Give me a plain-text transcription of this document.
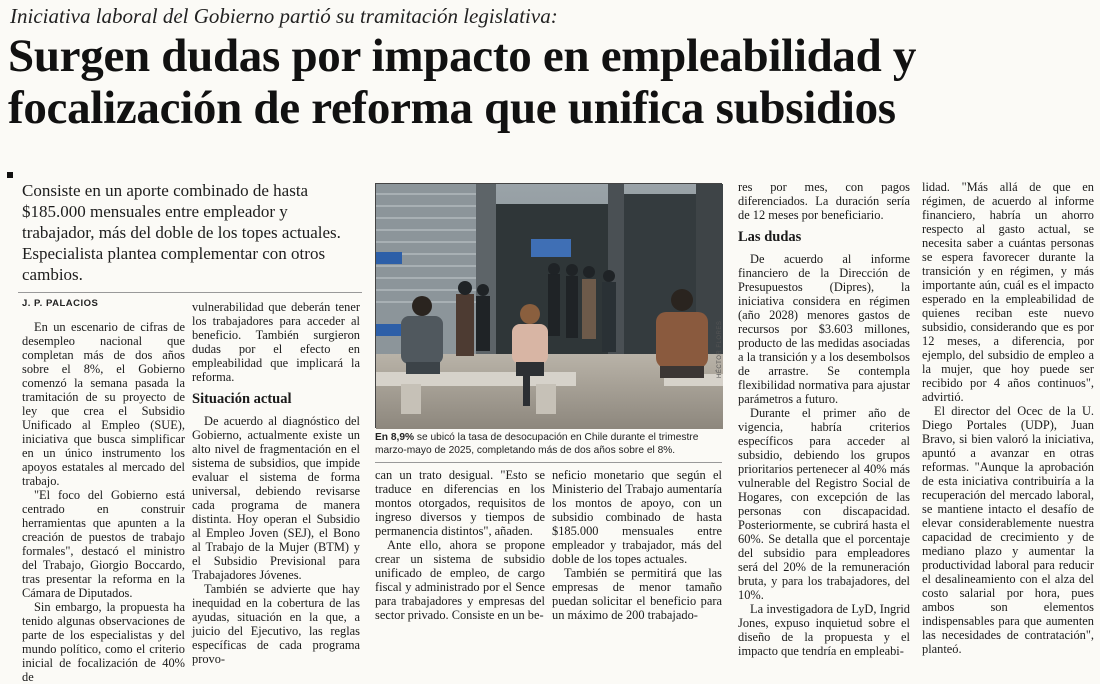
Iniciativa laboral del Gobierno partió su tramitación legislativa:
Surgen dudas por impacto en empleabilidad y
focalización de reforma que unifica subsidios
Consiste en un aporte combinado de hasta $185.000 mensuales entre empleador y trabajador, más del doble de los topes actuales. Especialista plantea complementar con otros cambios.
J. P. PALACIOS

En un escenario de cifras de desempleo nacional que completan más de dos años sobre el 8%, el Gobierno comenzó la semana pasada la tramitación de su proyecto de ley que crea el Subsidio Unificado al Empleo (SUE), iniciativa que busca simplificar en un único instrumento los apoyos estatales al mercado del trabajo.

"El foco del Gobierno está centrado en construir herramientas que apunten a la creación de puestos de trabajo formales", destacó el ministro del Trabajo, Giorgio Boccardo, tras presentar la reforma en la Cámara de Diputados.

Sin embargo, la propuesta ha tenido algunas observaciones de parte de los especialistas y del mundo político, como el criterio inicial de focalización de 40% de

vulnerabilidad que deberán tener los trabajadores para acceder al beneficio. También surgieron dudas por el efecto en empleabilidad que implicará la reforma.

Situación actual

De acuerdo al diagnóstico del Gobierno, actualmente existe un alto nivel de fragmentación en el sistema de subsidios, que impide evaluar el sistema de forma universal, debiendo revisarse cada programa de manera distinta. Hoy operan el Subsidio al Empleo Joven (SEJ), el Bono al Trabajo de la Mujer (BTM) y el Subsidio Previsional para Trabajadores Jóvenes.

También se advierte que hay inequidad en la cobertura de las ayudas, situación en la que, a juicio del Ejecutivo, las reglas específicas de cada programa provo-

HÉCTOR FLORES
En 8,9% se ubicó la tasa de desocupación en Chile durante el trimestre marzo-mayo de 2025, completando más de dos años sobre el 8%.

can un trato desigual. "Esto se traduce en diferencias en los montos otorgados, requisitos de ingreso diversos y tiempos de permanencia distintos", añaden.

Ante ello, ahora se propone crear un sistema de subsidio unificado de empleo, de cargo fiscal y administrado por el Sence para trabajadores y empresas del sector privado. Consiste en un be-

neficio monetario que según el Ministerio del Trabajo aumentaría los montos de apoyo, con un subsidio combinado de hasta $185.000 mensuales entre empleador y trabajador, más del doble de los topes actuales.

También se permitirá que las empresas de menor tamaño puedan solicitar el beneficio para un máximo de 200 trabajado-

res por mes, con pagos diferenciados. La duración sería de 12 meses por beneficiario.

Las dudas

De acuerdo al informe financiero de la Dirección de Presupuestos (Dipres), la iniciativa considera en régimen (año 2028) menores gastos de recursos por $3.603 millones, producto de las medidas asociadas a la transición y a los desembolsos de arrastre. Se contempla flexibilidad normativa para ajustar parámetros a futuro.

Durante el primer año de vigencia, habría criterios específicos para acceder al subsidio, debiendo los grupos prioritarios pertenecer al 40% más vulnerable del Registro Social de Hogares, con excepción de las personas con discapacidad. Posteriormente, se cubrirá hasta el 60%. Se detalla que el porcentaje del subsidio para empleadores será del 20% de la remuneración bruta, y para los trabajadores, del 10%.

La investigadora de LyD, Ingrid Jones, expuso inquietud sobre el diseño de la propuesta y el impacto que tendría en empleabi-

lidad. "Más allá de que en régimen, de acuerdo al informe financiero, habría un ahorro respecto al gasto actual, se necesita saber a cuántas personas se espera favorecer durante la transición y en régimen, y más importante aún, cuál es el impacto esperado en la empleabilidad de quienes reciban este nuevo subsidio, considerando que es por 12 meses, a diferencia, por ejemplo, del subsidio de empleo a la mujer, que hoy puede ser recibido por 4 años continuos", advirtió.

El director del Ocec de la U. Diego Portales (UDP), Juan Bravo, si bien valoró la iniciativa, apuntó a avanzar en otras reformas. "Aunque la aprobación de esta iniciativa contribuiría a la recuperación del mercado laboral, se mantiene intacto el desafío de elevar considerablemente nuestra capacidad de crecimiento y de mediano plazo y aumentar la productividad laboral para reducir el desalineamiento con el alza del costo salarial por hora, pues ambos son elementos indispensables para que aumenten las necesidades de contratación", planteó.
